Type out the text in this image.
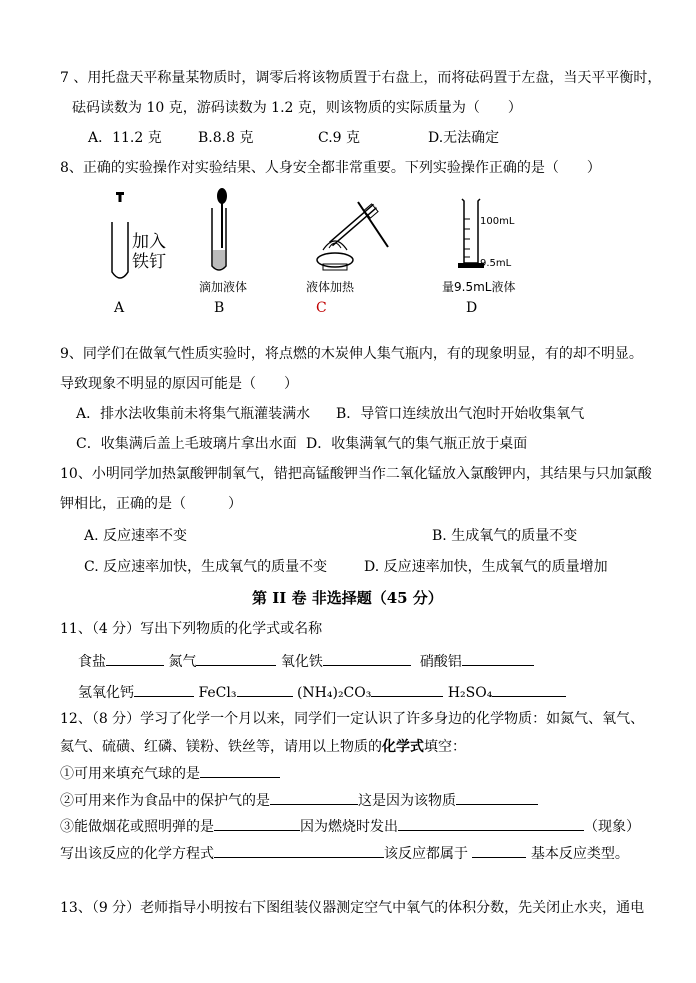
7 、用托盘天平称量某物质时，调零后将该物质置于右盘上，而将砝码置于左盘，当天平平衡时，
砝码读数为 10 克，游码读数为 1.2 克，则该物质的实际质量为（　　）
A．11.2 克	B.8.8 克	C.9 克	D.无法确定
8、正确的实验操作对实验结果、人身安全都非常重要。下列实验操作正确的是（　　）
加入
铁钉
滴加液体	液体加热
100mL
9.5mL
量9.5mL液体
A	B	C	D
9、同学们在做氧气性质实验时，将点燃的木炭伸人集气瓶内，有的现象明显，有的却不明显。
导致现象不明显的原因可能是（　　）
A．排水法收集前未将集气瓶灌装满水 B．导管口连续放出气泡时开始收集氧气
C．收集满后盖上毛玻璃片拿出水面 D．收集满氧气的集气瓶正放于桌面
10、小明同学加热氯酸钾制氧气，错把高锰酸钾当作二氧化锰放入氯酸钾内，其结果与只加氯酸
钾相比，正确的是（　　　）
A. 反应速率不变	B. 生成氧气的质量不变
C. 反应速率加快，生成氧气的质量不变	D. 反应速率加快，生成氧气的质量增加
第 II 卷 非选择题（45 分）
11、（4 分）写出下列物质的化学式或名称
食盐	氮气	氧化铁	硝酸铝
氢氧化钙	FeCl₃	(NH₄)₂CO₃	H₂SO₄
12、（8 分）学习了化学一个月以来，同学们一定认识了许多身边的化学物质：如氮气、氧气、
氦气、硫磺、红磷、镁粉、铁丝等，请用以上物质的化学式填空：
①可用来填充气球的是
②可用来作为食品中的保护气的是	这是因为该物质
③能做烟花或照明弹的是	因为燃烧时发出	（现象）
写出该反应的化学方程式	该反应都属于	基本反应类型。
13、（9 分）老师指导小明按右下图组装仪器测定空气中氧气的体积分数，先关闭止水夹，通电
